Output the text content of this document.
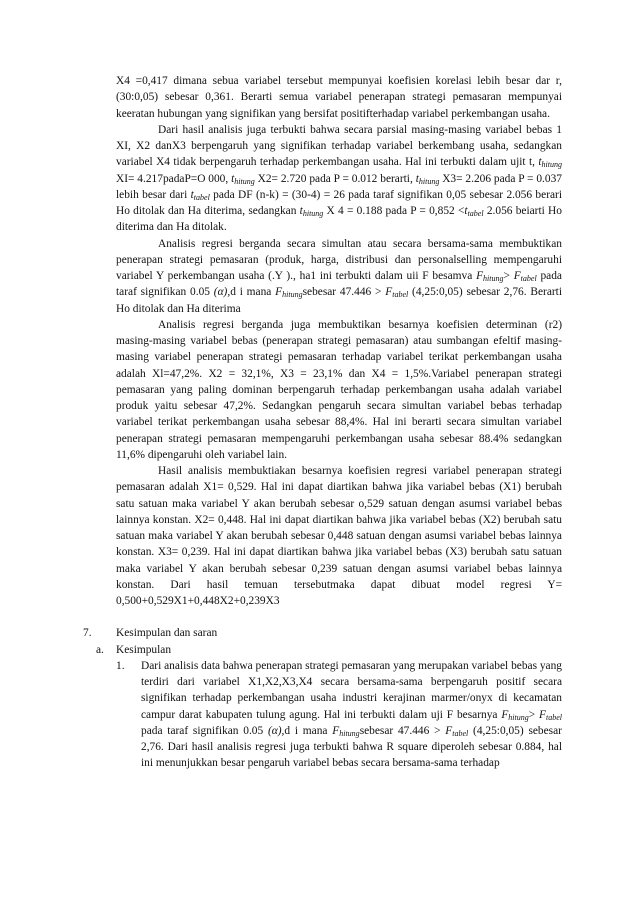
X4 =0,417 dimana sebua variabel tersebut mempunyai koefisien korelasi lebih besar dar r, (30:0,05) sebesar 0,361. Berarti semua variabel penerapan strategi pemasaran mempunyai keeratan hubungan yang signifikan yang bersifat positifterhadap variabel perkembangan usaha.

Dari hasil analisis juga terbukti bahwa secara parsial masing-masing variabel bebas 1 XI, X2 danX3 berpengaruh yang signifikan terhadap variabel berkembang usaha, sedangkan variabel X4 tidak berpengaruh terhadap perkembangan usaha. Hal ini terbukti dalam ujit t, $t_{hitung}$ XI= 4.217padaP=O 000, $t_{hitung}$ X2= 2.720 pada P = 0.012 berarti, $t_{hitung}$ X3= 2.206 pada P = 0.037 lebih besar dari $t_{tabel}$ pada DF (n-k) = (30-4) = 26 pada taraf signifikan 0,05 sebesar 2.056 berari Ho ditolak dan Ha diterima, sedangkan $t_{hitung}$ X 4 = 0.188 pada $P = 0,852 <t_{tabel}$ 2.056 beiarti Ho diterima dan Ha ditolak.

Analisis regresi berganda secara simultan atau secara bersama-sama membuktikan penerapan strategi pemasaran (produk, harga, distribusi dan personalselling mempengaruhi variabel Y perkembangan usaha (.Y )., ha1 ini terbukti dalam uii F besamva $F_{hitung}> F_{tabel}$ pada taraf signifikan 0.05 (α),d i mana $F_{hitung}sebesar$ $47.446 > F_{tabel}$ (4,25:0,05) sebesar 2,76. Berarti Ho ditolak dan Ha diterima

Analisis regresi berganda juga membuktikan besarnya koefisien determinan (r2) masing-masing variabel bebas (penerapan strategi pemasaran) atau sumbangan efeltif masing-masing variabel penerapan strategi pemasaran terhadap variabel terikat perkembangan usaha adalah Xl=47,2%. X2 = 32,1%, X3 = 23,1% dan X4 = 1,5%.Variabel penerapan strategi pemasaran yang paling dominan berpengaruh terhadap perkembangan usaha adalah variabel produk yaitu sebesar 47,2%. Sedangkan pengaruh secara simultan variabel bebas terhadap variabel terikat perkembangan usaha sebesar 88,4%. Hal ini berarti secara simultan variabel penerapan strategi pemasaran mempengaruhi perkembangan usaha sebesar 88.4% sedangkan 11,6% dipengaruhi oleh variabel lain.

Hasil analisis membuktiakan besarnya koefisien regresi variabel penerapan strategi pemasaran adalah X1= 0,529. Hal ini dapat diartikan bahwa jika variabel bebas (X1) berubah satu satuan maka variabel Y akan berubah sebesar o,529 satuan dengan asumsi variabel bebas lainnya konstan. X2= 0,448. Hal ini dapat diartikan bahwa jika variabel bebas (X2) berubah satu satuan maka variabel Y akan berubah sebesar 0,448 satuan dengan asumsi variabel bebas lainnya konstan. X3= 0,239. Hal ini dapat diartikan bahwa jika variabel bebas (X3) berubah satu satuan maka variabel Y akan berubah sebesar 0,239 satuan dengan asumsi variabel bebas lainnya konstan. Dari hasil temuan tersebutmaka dapat dibuat model regresi Y= 0,500+0,529X1+0,448X2+0,239X3

7.	Kesimpulan dan saran
a.	Kesimpulan
1.	Dari analisis data bahwa penerapan strategi pemasaran yang merupakan variabel bebas yang terdiri dari variabel X1,X2,X3,X4 secara bersama-sama berpengaruh positif secara signifikan terhadap perkembangan usaha industri kerajinan marmer/onyx di kecamatan campur darat kabupaten tulung agung. Hal ini terbukti dalam uji F besarnya $F_{hitung}> F_{tabel}$ pada taraf signifikan 0.05 (α),d i mana $F_{hitung}sebesar$ $47.446 > F_{tabel}$ (4,25:0,05) sebesar 2,76. Dari hasil analisis regresi juga terbukti bahwa R square diperoleh sebesar 0.884, hal ini menunjukkan besar pengaruh variabel bebas secara bersama-sama terhadap
